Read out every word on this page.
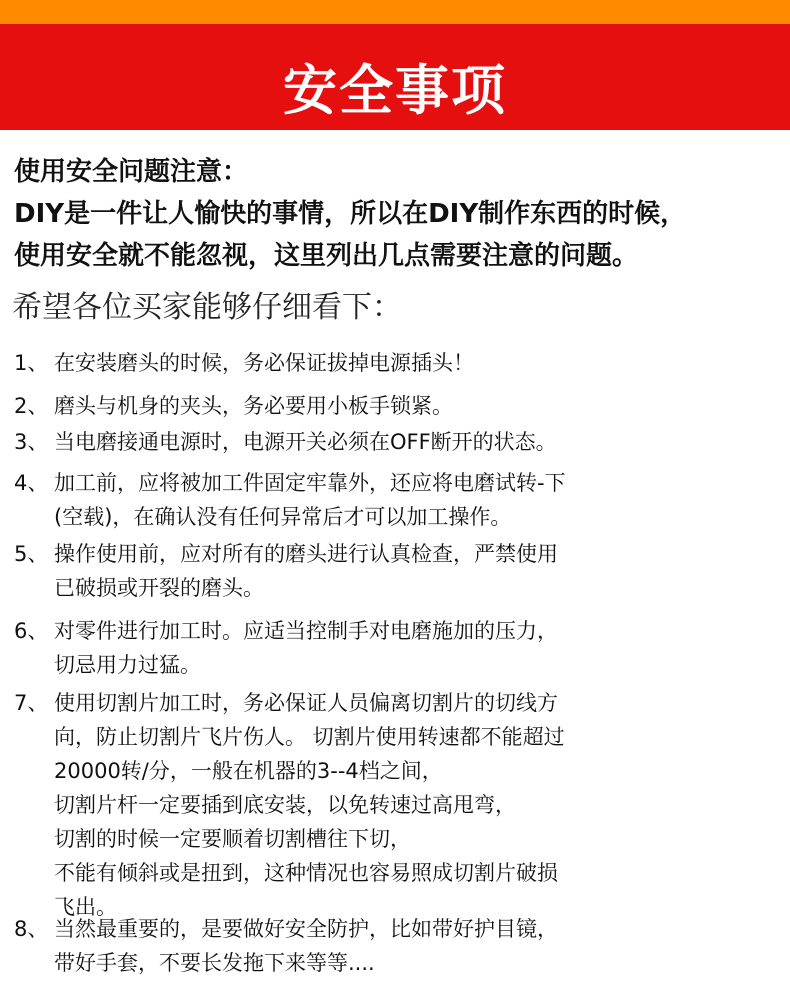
安全事项
使用安全问题注意：
DIY是一件让人愉快的事情，所以在DIY制作东西的时候，
使用安全就不能忽视，这里列出几点需要注意的问题。
希望各位买家能够仔细看下：
1、 在安装磨头的时候，务必保证拔掉电源插头！
2、 磨头与机身的夹头，务必要用小板手锁紧。
3、 当电磨接通电源时，电源开关必须在OFF断开的状态。
4、 加工前，应将被加工件固定牢靠外，还应将电磨试转-下
(空载)，在确认没有任何异常后才可以加工操作。
5、 操作使用前，应对所有的磨头进行认真检查，严禁使用
已破损或开裂的磨头。
6、 对零件进行加工时。应适当控制手对电磨施加的压力，
切忌用力过猛。
7、 使用切割片加工时，务必保证人员偏离切割片的切线方
向，防止切割片飞片伤人。 切割片使用转速都不能超过
20000转/分，一般在机器的3--4档之间，
切割片杆一定要插到底安装，以免转速过高甩弯，
切割的时候一定要顺着切割槽往下切，
不能有倾斜或是扭到，这种情况也容易照成切割片破损
飞出。
8、 当然最重要的，是要做好安全防护，比如带好护目镜，
带好手套，不要长发拖下来等等....
